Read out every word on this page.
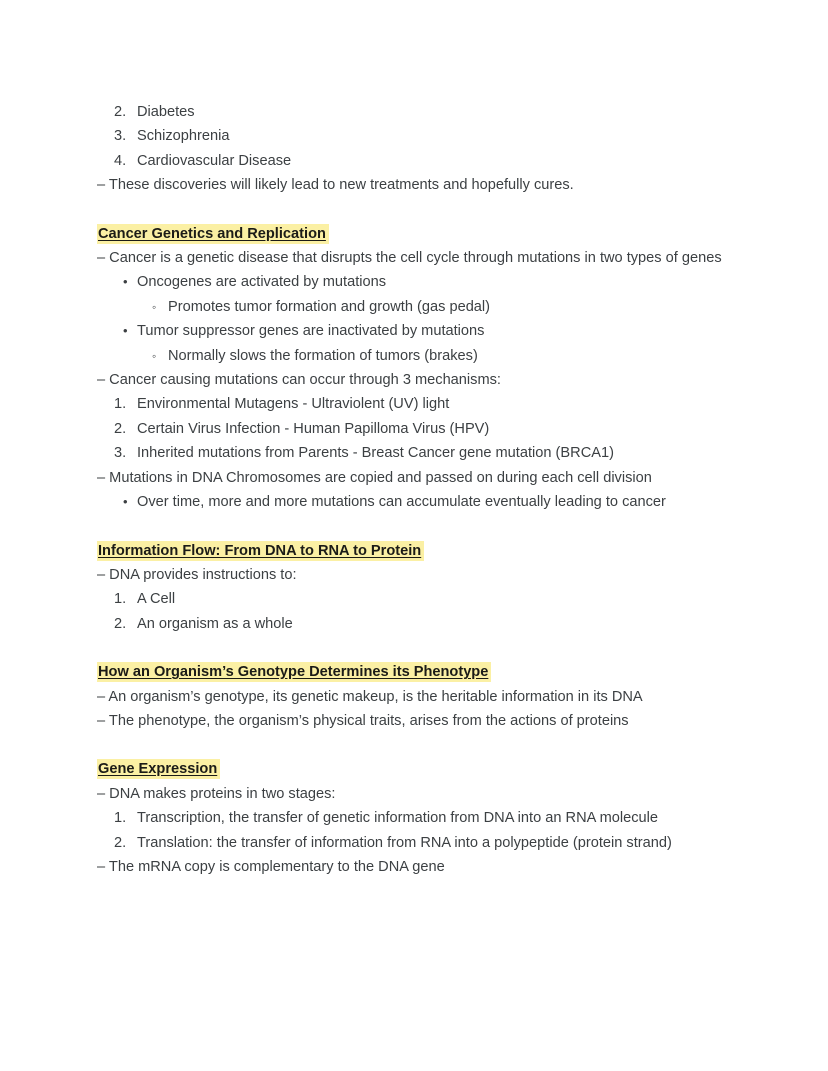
2. Diabetes
3. Schizophrenia
4. Cardiovascular Disease
– These discoveries will likely lead to new treatments and hopefully cures.
Cancer Genetics and Replication
– Cancer is a genetic disease that disrupts the cell cycle through mutations in two types of genes
• Oncogenes are activated by mutations
◦ Promotes tumor formation and growth (gas pedal)
• Tumor suppressor genes are inactivated by mutations
◦ Normally slows the formation of tumors (brakes)
– Cancer causing mutations can occur through 3 mechanisms:
1. Environmental Mutagens - Ultraviolent (UV) light
2. Certain Virus Infection - Human Papilloma Virus (HPV)
3. Inherited mutations from Parents - Breast Cancer gene mutation (BRCA1)
– Mutations in DNA Chromosomes are copied and passed on during each cell division
• Over time, more and more mutations can accumulate eventually leading to cancer
Information Flow: From DNA to RNA to Protein
– DNA provides instructions to:
1. A Cell
2. An organism as a whole
How an Organism’s Genotype Determines its Phenotype
– An organism’s genotype, its genetic makeup, is the heritable information in its DNA
– The phenotype, the organism’s physical traits, arises from the actions of proteins
Gene Expression
– DNA makes proteins in two stages:
1. Transcription, the transfer of genetic information from DNA into an RNA molecule
2. Translation: the transfer of information from RNA into a polypeptide (protein strand)
– The mRNA copy is complementary to the DNA gene
